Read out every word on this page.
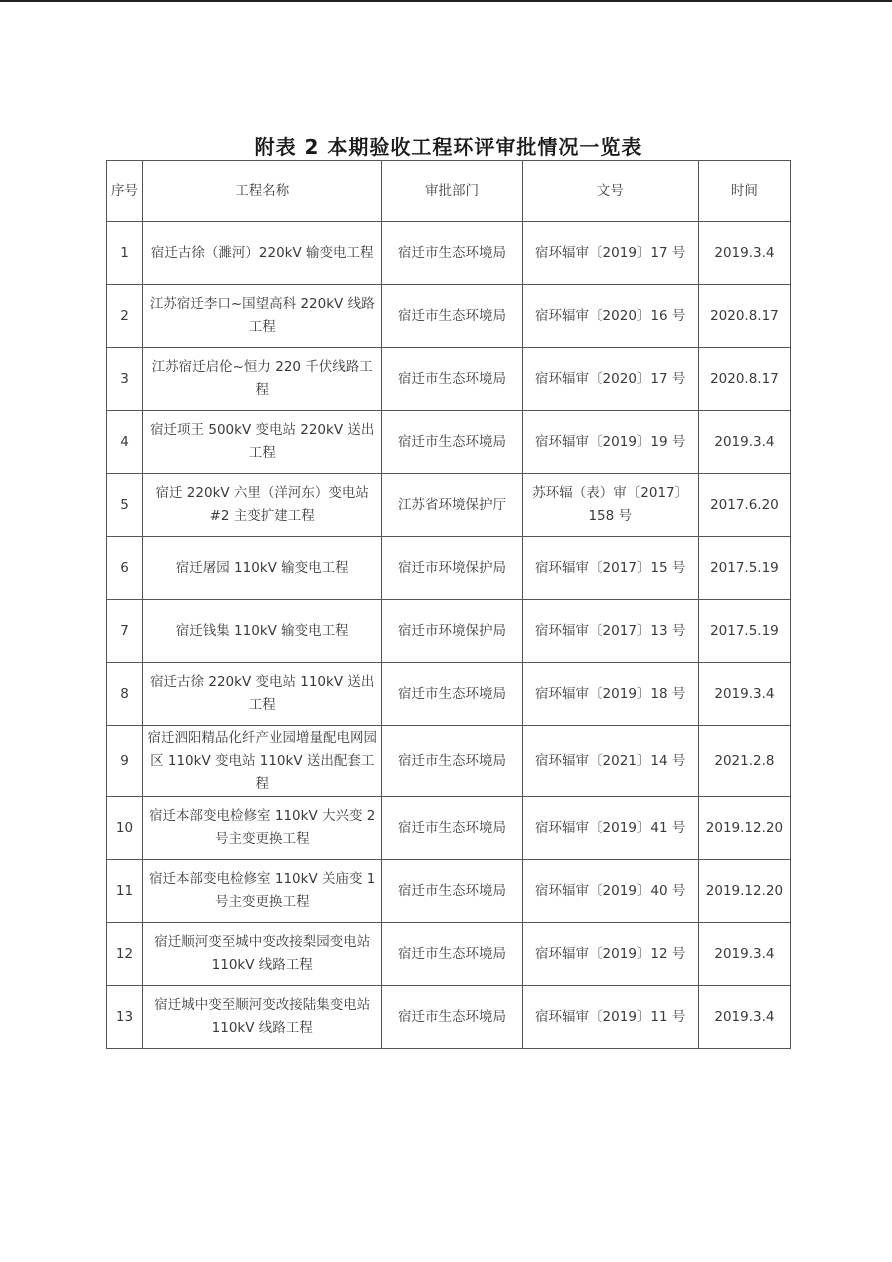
附表 2 本期验收工程环评审批情况一览表
序号	工程名称	审批部门	文号	时间
1	宿迁古徐（濉河）220kV 输变电工程	宿迁市生态环境局	宿环辐审〔2019〕17 号	2019.3.4
2	江苏宿迁李口~国望高科 220kV 线路工程	宿迁市生态环境局	宿环辐审〔2020〕16 号	2020.8.17
3	江苏宿迁启伦~恒力 220 千伏线路工程	宿迁市生态环境局	宿环辐审〔2020〕17 号	2020.8.17
4	宿迁项王 500kV 变电站 220kV 送出工程	宿迁市生态环境局	宿环辐审〔2019〕19 号	2019.3.4
5	宿迁 220kV 六里（洋河东）变电站#2 主变扩建工程	江苏省环境保护厅	苏环辐（表）审〔2017〕158 号	2017.6.20
6	宿迁屠园 110kV 输变电工程	宿迁市环境保护局	宿环辐审〔2017〕15 号	2017.5.19
7	宿迁钱集 110kV 输变电工程	宿迁市环境保护局	宿环辐审〔2017〕13 号	2017.5.19
8	宿迁古徐 220kV 变电站 110kV 送出工程	宿迁市生态环境局	宿环辐审〔2019〕18 号	2019.3.4
9	宿迁泗阳精品化纤产业园增量配电网园区 110kV 变电站 110kV 送出配套工程	宿迁市生态环境局	宿环辐审〔2021〕14 号	2021.2.8
10	宿迁本部变电检修室 110kV 大兴变 2 号主变更换工程	宿迁市生态环境局	宿环辐审〔2019〕41 号	2019.12.20
11	宿迁本部变电检修室 110kV 关庙变 1 号主变更换工程	宿迁市生态环境局	宿环辐审〔2019〕40 号	2019.12.20
12	宿迁顺河变至城中变改接梨园变电站 110kV 线路工程	宿迁市生态环境局	宿环辐审〔2019〕12 号	2019.3.4
13	宿迁城中变至顺河变改接陆集变电站 110kV 线路工程	宿迁市生态环境局	宿环辐审〔2019〕11 号	2019.3.4
